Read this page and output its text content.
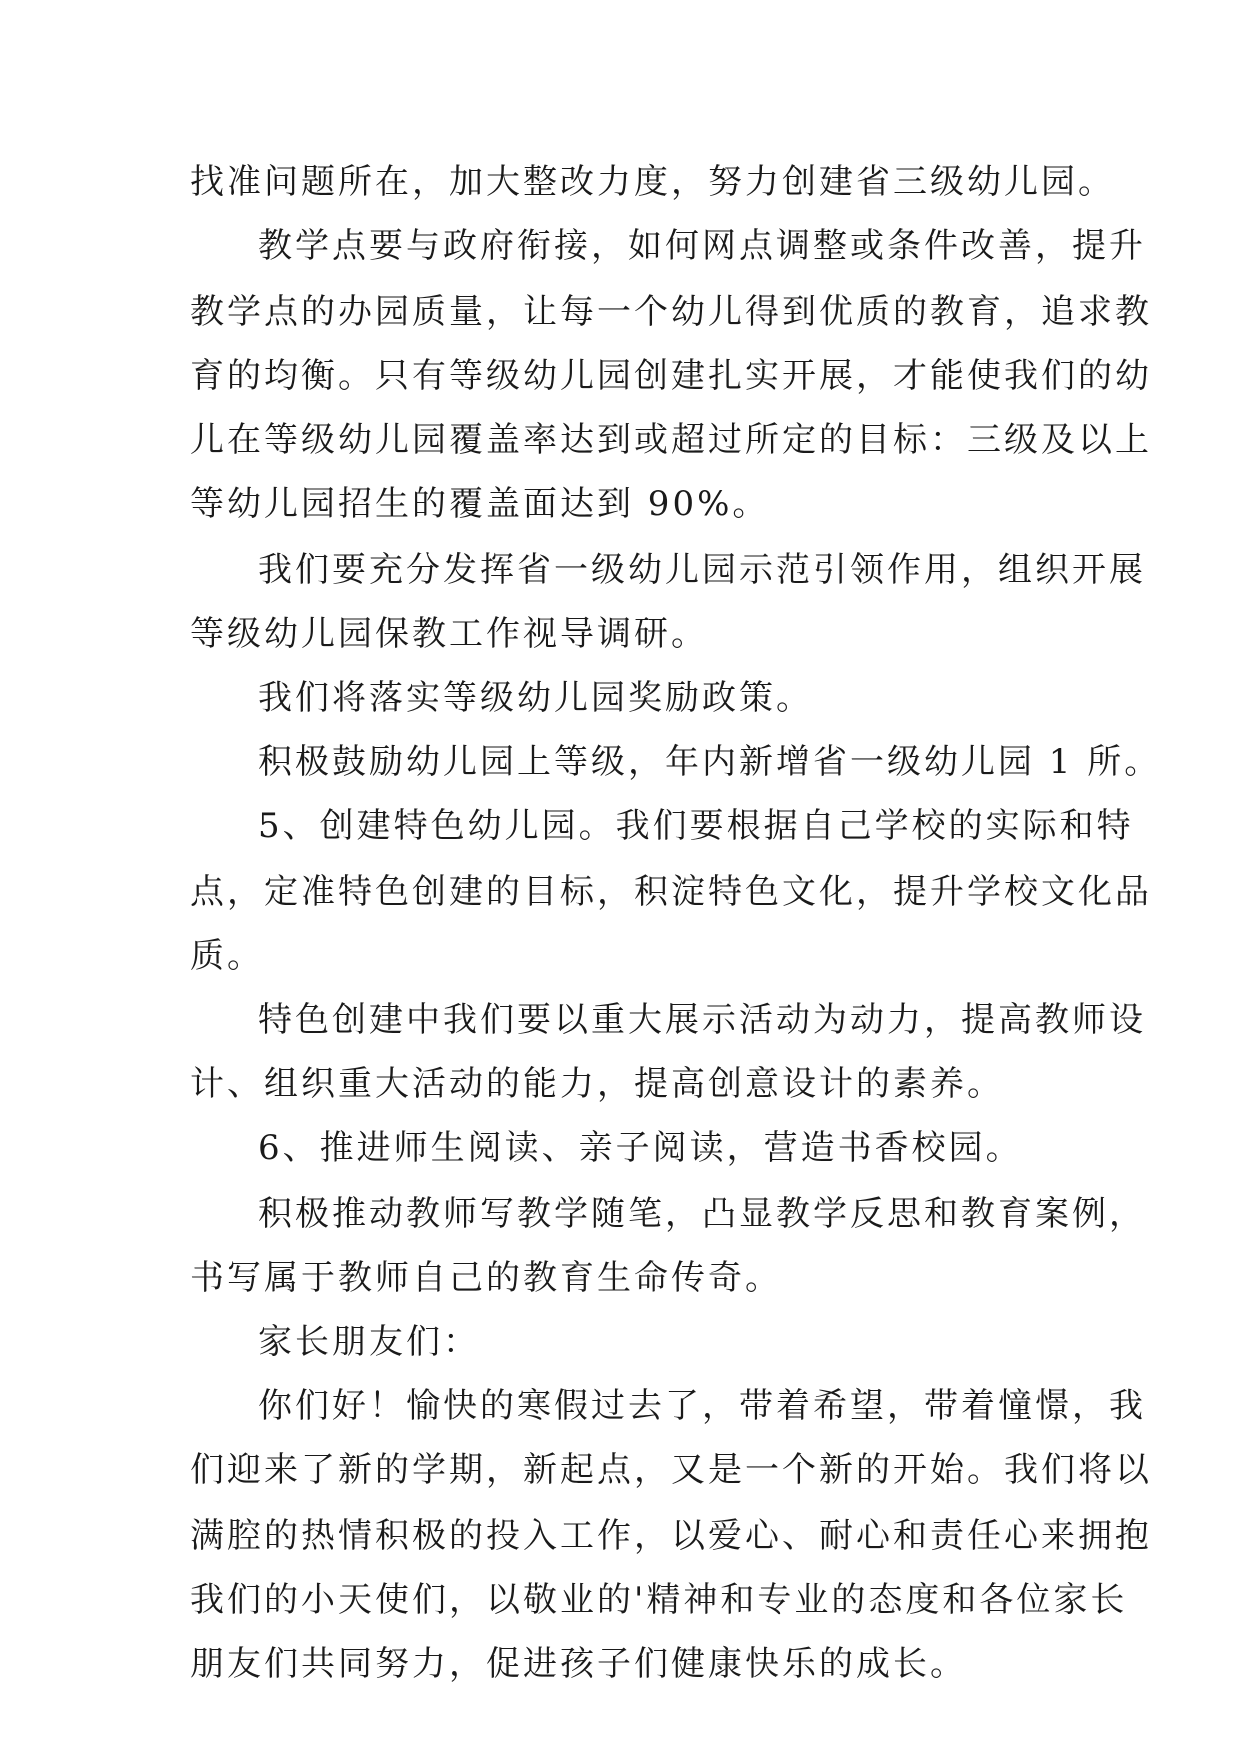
找准问题所在，加大整改力度，努力创建省三级幼儿园。
教学点要与政府衔接，如何网点调整或条件改善，提升
教学点的办园质量，让每一个幼儿得到优质的教育，追求教
育的均衡。只有等级幼儿园创建扎实开展，才能使我们的幼
儿在等级幼儿园覆盖率达到或超过所定的目标：三级及以上
等幼儿园招生的覆盖面达到 90%。
我们要充分发挥省一级幼儿园示范引领作用，组织开展
等级幼儿园保教工作视导调研。
我们将落实等级幼儿园奖励政策。
积极鼓励幼儿园上等级，年内新增省一级幼儿园 1 所。
5、创建特色幼儿园。我们要根据自己学校的实际和特
点，定准特色创建的目标，积淀特色文化，提升学校文化品
质。
特色创建中我们要以重大展示活动为动力，提高教师设
计、组织重大活动的能力，提高创意设计的素养。
6、推进师生阅读、亲子阅读，营造书香校园。
积极推动教师写教学随笔，凸显教学反思和教育案例，
书写属于教师自己的教育生命传奇。
家长朋友们：
你们好！愉快的寒假过去了，带着希望，带着憧憬，我
们迎来了新的学期，新起点，又是一个新的开始。我们将以
满腔的热情积极的投入工作，以爱心、耐心和责任心来拥抱
我们的小天使们，以敬业的'精神和专业的态度和各位家长
朋友们共同努力，促进孩子们健康快乐的成长。
